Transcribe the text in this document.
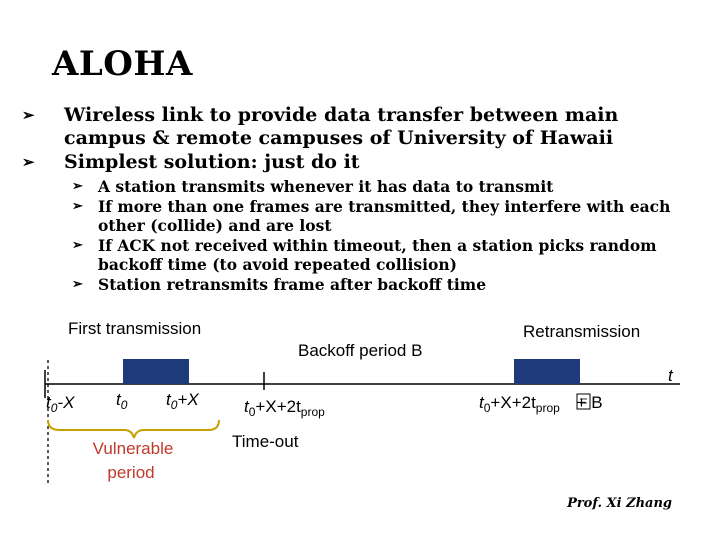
ALOHA
➢ Wireless link to provide data transfer between main campus & remote campuses of University of Hawaii
➢ Simplest solution: just do it
➢ A station transmits whenever it has data to transmit
➢ If more than one frames are transmitted, they interfere with each other (collide) and are lost
➢ If ACK not received within timeout, then a station picks random backoff time (to avoid repeated collision)
➢ Station retransmits frame after backoff time
t
First transmission
Backoff period B
Retransmission
$t_0-X$ $t_0$ $t_0+X$	$t_0+X+2t_{prop}$	$t_0+X+2t_{prop} + B$
Vulnerable
period
Time-out
Prof. Xi Zhang
